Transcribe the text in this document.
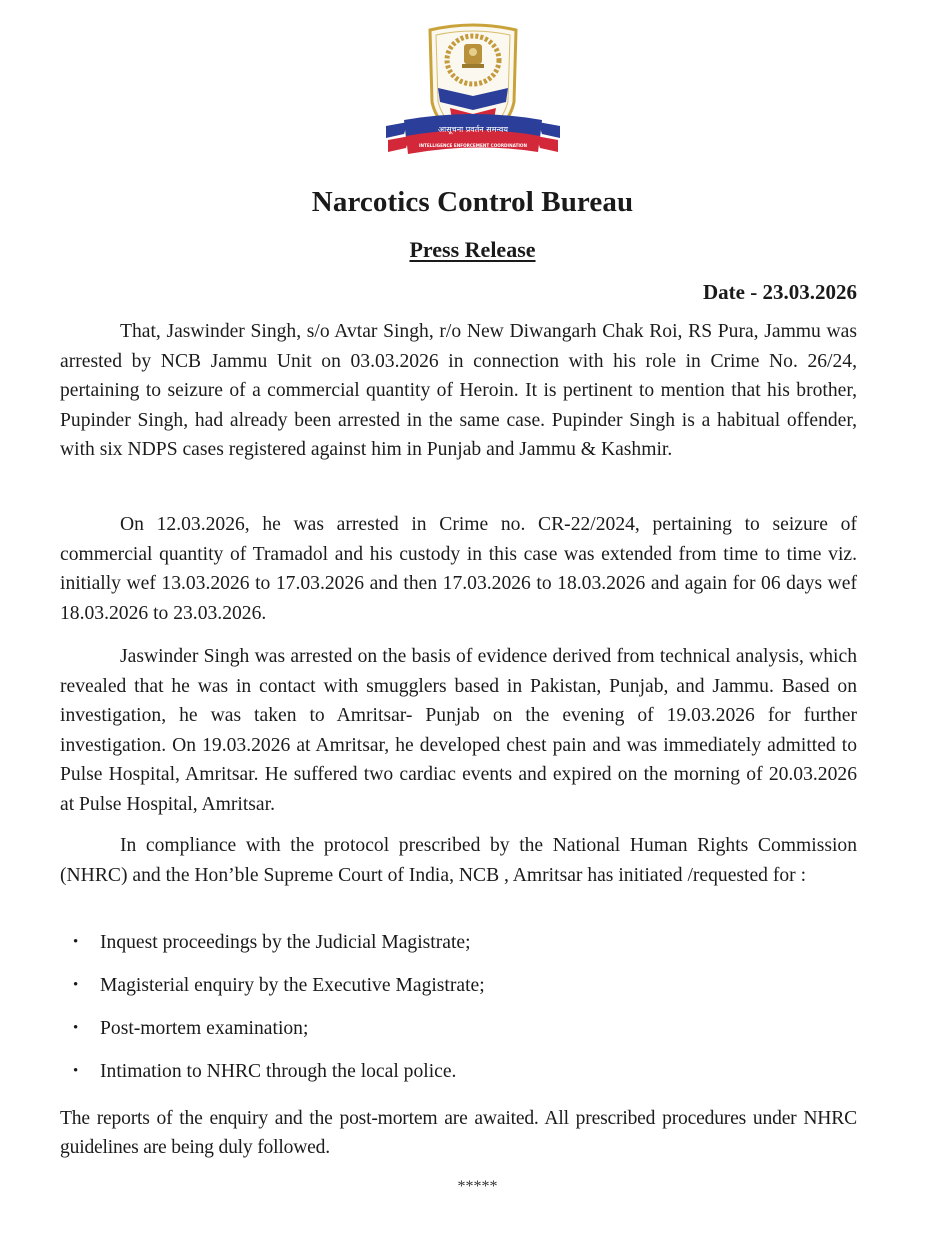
आसूचना प्रवर्तन समन्वय
INTELLIGENCE ENFORCEMENT COORDINATION
Narcotics Control Bureau
Press Release
Date - 23.03.2026

That, Jaswinder Singh, s/o Avtar Singh, r/o New Diwangarh Chak Roi, RS Pura, Jammu was arrested by NCB Jammu Unit on 03.03.2026 in connection with his role in Crime No. 26/24, pertaining to seizure of a commercial quantity of Heroin. It is pertinent to mention that his brother, Pupinder Singh, had already been arrested in the same case. Pupinder Singh is a habitual offender, with six NDPS cases registered against him in Punjab and Jammu & Kashmir.

On 12.03.2026, he was arrested in Crime no. CR-22/2024, pertaining to seizure of commercial quantity of Tramadol and his custody in this case was extended from time to time viz. initially wef 13.03.2026 to 17.03.2026 and then 17.03.2026 to 18.03.2026 and again for 06 days wef 18.03.2026 to 23.03.2026.

Jaswinder Singh was arrested on the basis of evidence derived from technical analysis, which revealed that he was in contact with smugglers based in Pakistan, Punjab, and Jammu. Based on investigation, he was taken to Amritsar- Punjab on the evening of 19.03.2026 for further investigation. On 19.03.2026 at Amritsar, he developed chest pain and was immediately admitted to Pulse Hospital, Amritsar. He suffered two cardiac events and expired on the morning of 20.03.2026 at Pulse Hospital, Amritsar.

In compliance with the protocol prescribed by the National Human Rights Commission (NHRC) and the Hon’ble Supreme Court of India, NCB , Amritsar has initiated /requested for :

•	Inquest proceedings by the Judicial Magistrate;
•	Magisterial enquiry by the Executive Magistrate;
•	Post-mortem examination;
•	Intimation to NHRC through the local police.

The reports of the enquiry and the post-mortem are awaited. All prescribed procedures under NHRC guidelines are being duly followed.

*****
